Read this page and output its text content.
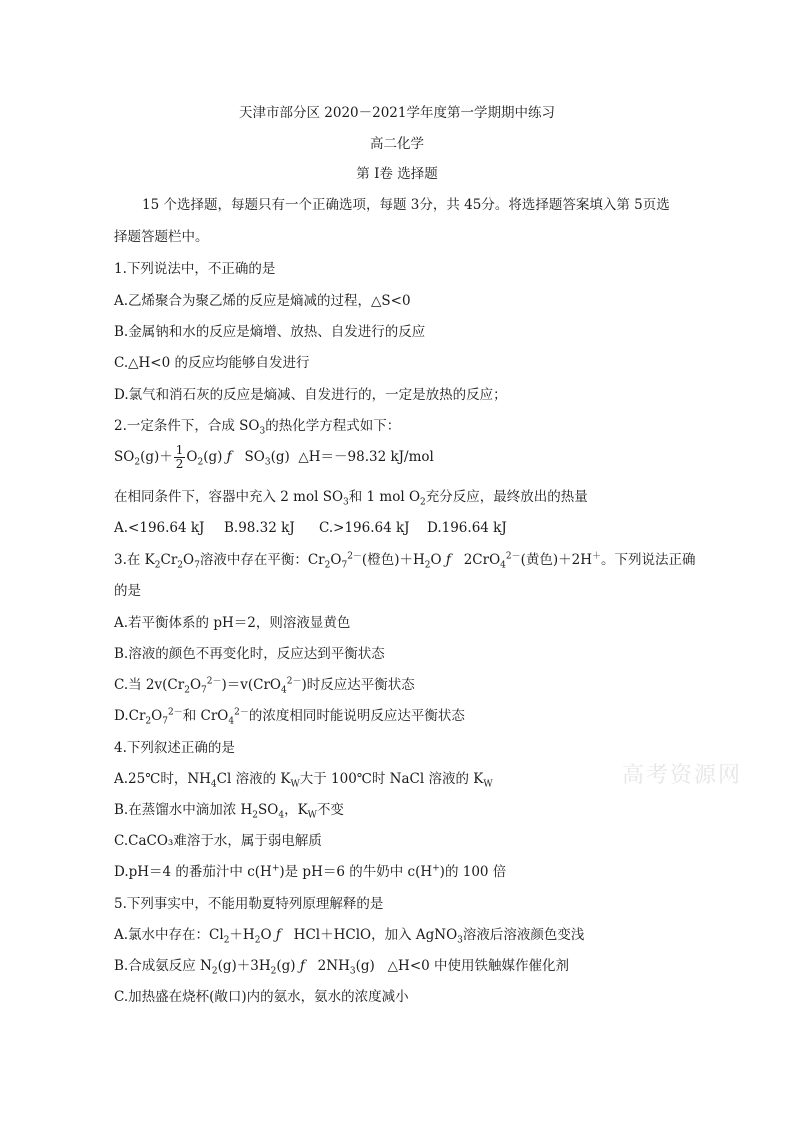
天津市部分区 2020－2021学年度第一学期期中练习
高二化学
第 I卷 选择题
15 个选择题，每题只有一个正确选项，每题 3分，共 45分。将选择题答案填入第 5页选
择题答题栏中。
1.下列说法中，不正确的是
A.乙烯聚合为聚乙烯的反应是熵减的过程，△S<0
B.金属钠和水的反应是熵增、放热、自发进行的反应
C.△H<0 的反应均能够自发进行
D.氯气和消石灰的反应是熵减、自发进行的，一定是放热的反应；
2.一定条件下，合成 $SO_3$的热化学方程式如下：
$SO_2(g)+ \frac{1}{2} O_2(g)$ ƒ   $SO_3(g)$  △H＝－98.32 kJ/mol
在相同条件下，容器中充入 2 mol $SO_3$和 1 mol $O_2$充分反应，最终放出的热量
A.<196.64 kJ B.98.32 kJ C.>196.64 kJ D.196.64 kJ
3.在 $K_2Cr_2O_7$溶液中存在平衡：$Cr_2O_7^{2-}$(橙色)$+H_2O$ ƒ   2CrO$_4^{2-}$(黄色)＋2H＋。下列说法正确
的是
A.若平衡体系的 pH＝2，则溶液显黄色
B.溶液的颜色不再变化时，反应达到平衡状态
C.当 $2v(Cr_2O_7^{2-})=v(CrO_4^{2-})$时反应达平衡状态
$D.Cr_2O_7^{2-}$和 CrO$_4^{2-}$的浓度相同时能说明反应达平衡状态
4.下列叙述正确的是
A.25℃时，$NH_4Cl$ 溶液的 $K_W$大于 100℃时 NaCl 溶液的 $K_W$
B.在蒸馏水中滴加浓 $H_2SO_4$，$K_W$不变
C.CaCO₃难溶于水，属于弱电解质
D.pH＝4 的番茄汁中 c(H+)是 pH＝6 的牛奶中 c(H+)的 100 倍
5.下列事实中，不能用勒夏特列原理解释的是
A.氯水中存在：$Cl_2+H_2O$ ƒ   HCl＋HClO，加入 AgNO$_3$溶液后溶液颜色变浅
B.合成氨反应 $N_2(g)+3H_2(g)$ ƒ   $2NH_3(g)$   △H<0 中使用铁触媒作催化剂
C.加热盛在烧杯(敞口)内的氨水，氨水的浓度减小
高考资源网
